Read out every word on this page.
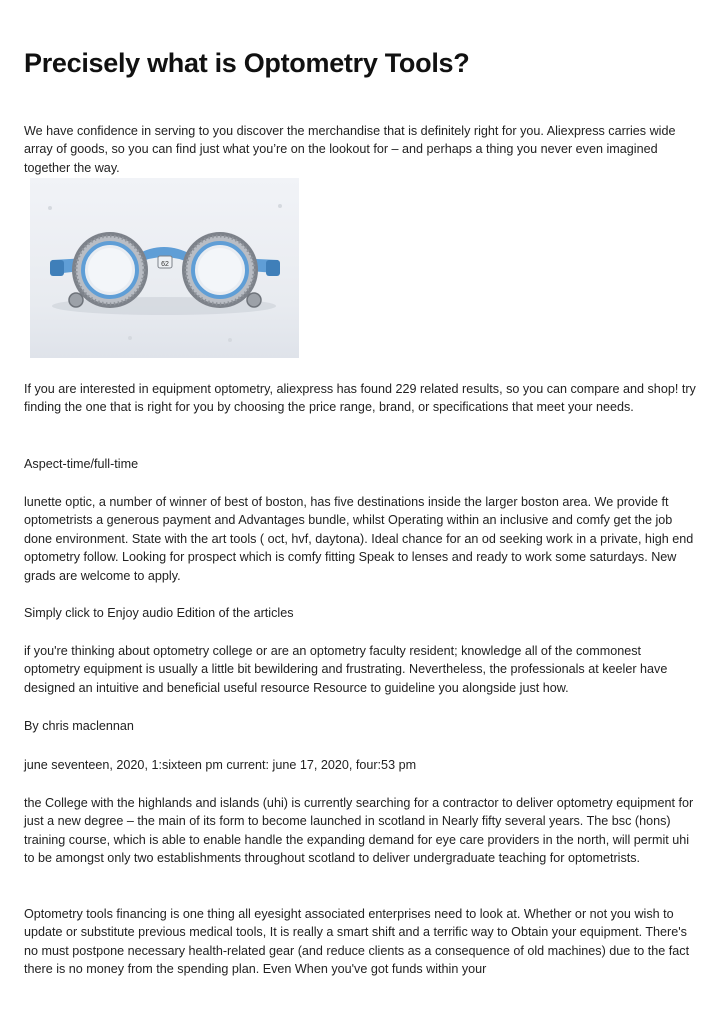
Precisely what is Optometry Tools?

We have confidence in serving to you discover the merchandise that is definitely right for you. Aliexpress carries wide array of goods, so you can find just what you’re on the lookout for – and perhaps a thing you never even imagined together the way.

62

If you are interested in equipment optometry, aliexpress has found 229 related results, so you can compare and shop! try finding the one that is right for you by choosing the price range, brand, or specifications that meet your needs.

Aspect-time/full-time

lunette optic, a number of winner of best of boston, has five destinations inside the larger boston area. We provide ft optometrists a generous payment and Advantages bundle, whilst Operating within an inclusive and comfy get the job done environment. State with the art tools ( oct, hvf, daytona). Ideal chance for an od seeking work in a private, high end optometry follow. Looking for prospect which is comfy fitting Speak to lenses and ready to work some saturdays. New grads are welcome to apply.

Simply click to Enjoy audio Edition of the articles

if you're thinking about optometry college or are an optometry faculty resident; knowledge all of the commonest optometry equipment is usually a little bit bewildering and frustrating. Nevertheless, the professionals at keeler have designed an intuitive and beneficial useful resource Resource to guideline you alongside just how.

By chris maclennan

june seventeen, 2020, 1:sixteen pm current: june 17, 2020, four:53 pm

the College with the highlands and islands (uhi) is currently searching for a contractor to deliver optometry equipment for just a new degree – the main of its form to become launched in scotland in Nearly fifty several years. The bsc (hons) training course, which is able to enable handle the expanding demand for eye care providers in the north, will permit uhi to be amongst only two establishments throughout scotland to deliver undergraduate teaching for optometrists.

Optometry tools financing is one thing all eyesight associated enterprises need to look at. Whether or not you wish to update or substitute previous medical tools, It is really a smart shift and a terrific way to Obtain your equipment. There's no must postpone necessary health-related gear (and reduce clients as a consequence of old machines) due to the fact there is no money from the spending plan. Even When you've got funds within your
